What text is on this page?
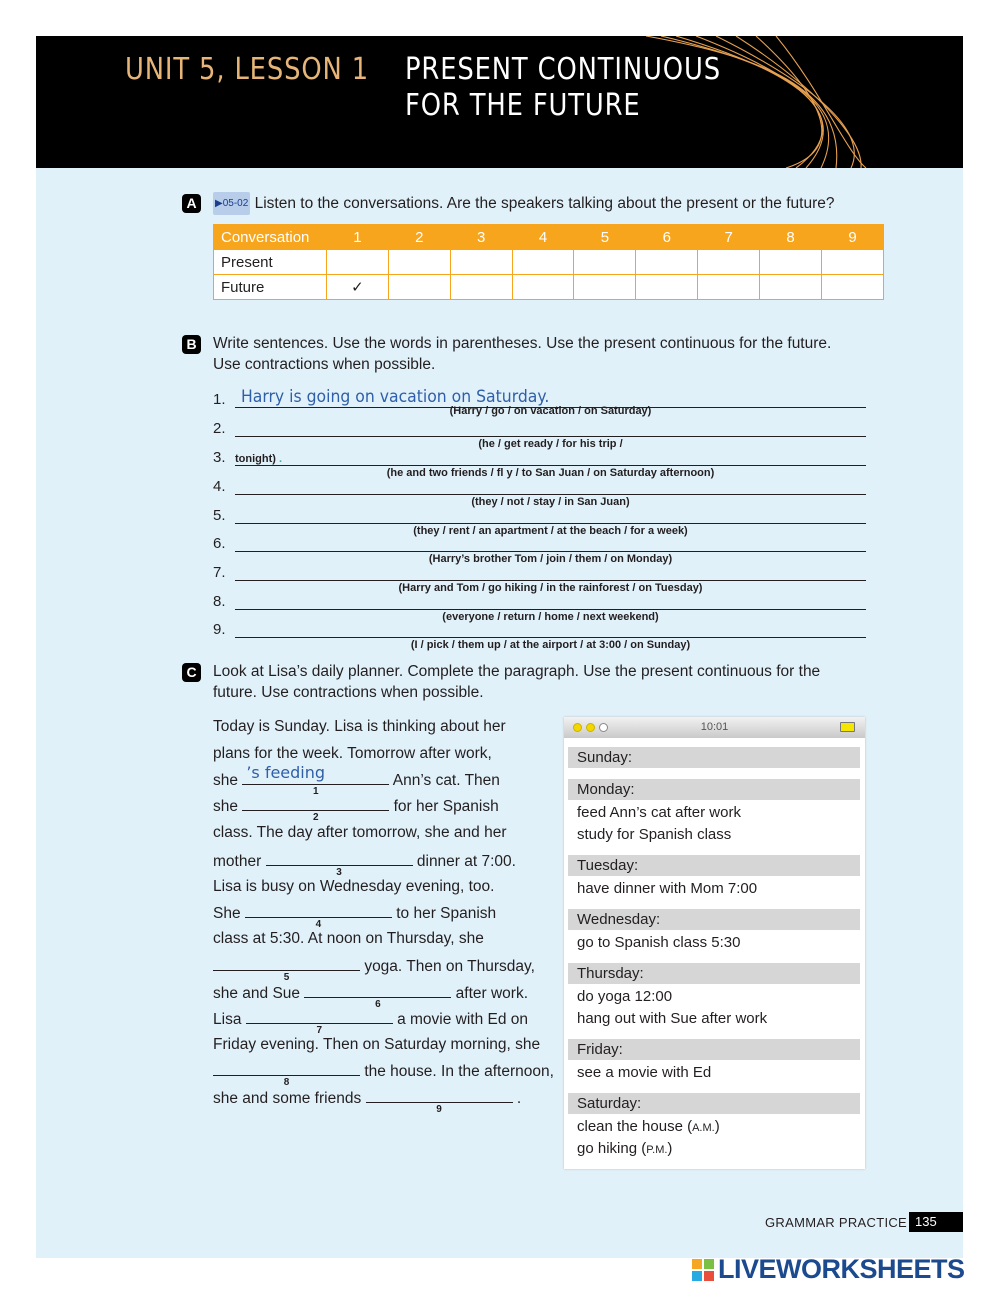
UNIT 5, LESSON 1 PRESENT CONTINUOUS
FOR THE FUTURE
A	▶05-02 Listen to the conversations. Are the speakers talking about the present or the future?
Conversation	1	2	3	4	5	6	7	8	9
Present									
Future	✓								
B Write sentences. Use the words in parentheses. Use the present continuous for the future.
Use contractions when possible.
1. Harry is going on vacation on Saturday.
(Harry / go / on vacation / on Saturday)
2.
(he / get ready / for his trip /
3. tonight) .
(he and two friends / fl y / to San Juan / on Saturday afternoon)
4.
(they / not / stay / in San Juan)
5.
(they / rent / an apartment / at the beach / for a week)
6.
(Harry’s brother Tom / join / them / on Monday)
7.
(Harry and Tom / go hiking / in the rainforest / on Tuesday)
8.
(everyone / return / home / next weekend)
9.
(I / pick / them up / at the airport / at 3:00 / on Sunday)
C Look at Lisa’s daily planner. Complete the paragraph. Use the present continuous for the
future. Use contractions when possible.
Today is Sunday. Lisa is thinking about her
plans for the week. Tomorrow after work,
she ’s feeding
1
Ann’s cat. Then
she
2
for her Spanish
class. The day after tomorrow, she and her
mother
3
dinner at 7:00.
Lisa is busy on Wednesday evening, too.
She
4
to her Spanish
class at 5:30. At noon on Thursday, she
5
yoga. Then on Thursday,
she and Sue
6
after work.
Lisa
7
a movie with Ed on
Friday evening. Then on Saturday morning, she
8
the house. In the afternoon,
she and some friends
9
.
10:01
Sunday:
Monday:
feed Ann’s cat after work
study for Spanish class
Tuesday:
have dinner with Mom 7:00
Wednesday:
go to Spanish class 5:30
Thursday:
do yoga 12:00
hang out with Sue after work
Friday:
see a movie with Ed
Saturday:
clean the house (A.M.)
go hiking (P.M.)
GRAMMAR PRACTICE 135
LIVEWORKSHEETS
